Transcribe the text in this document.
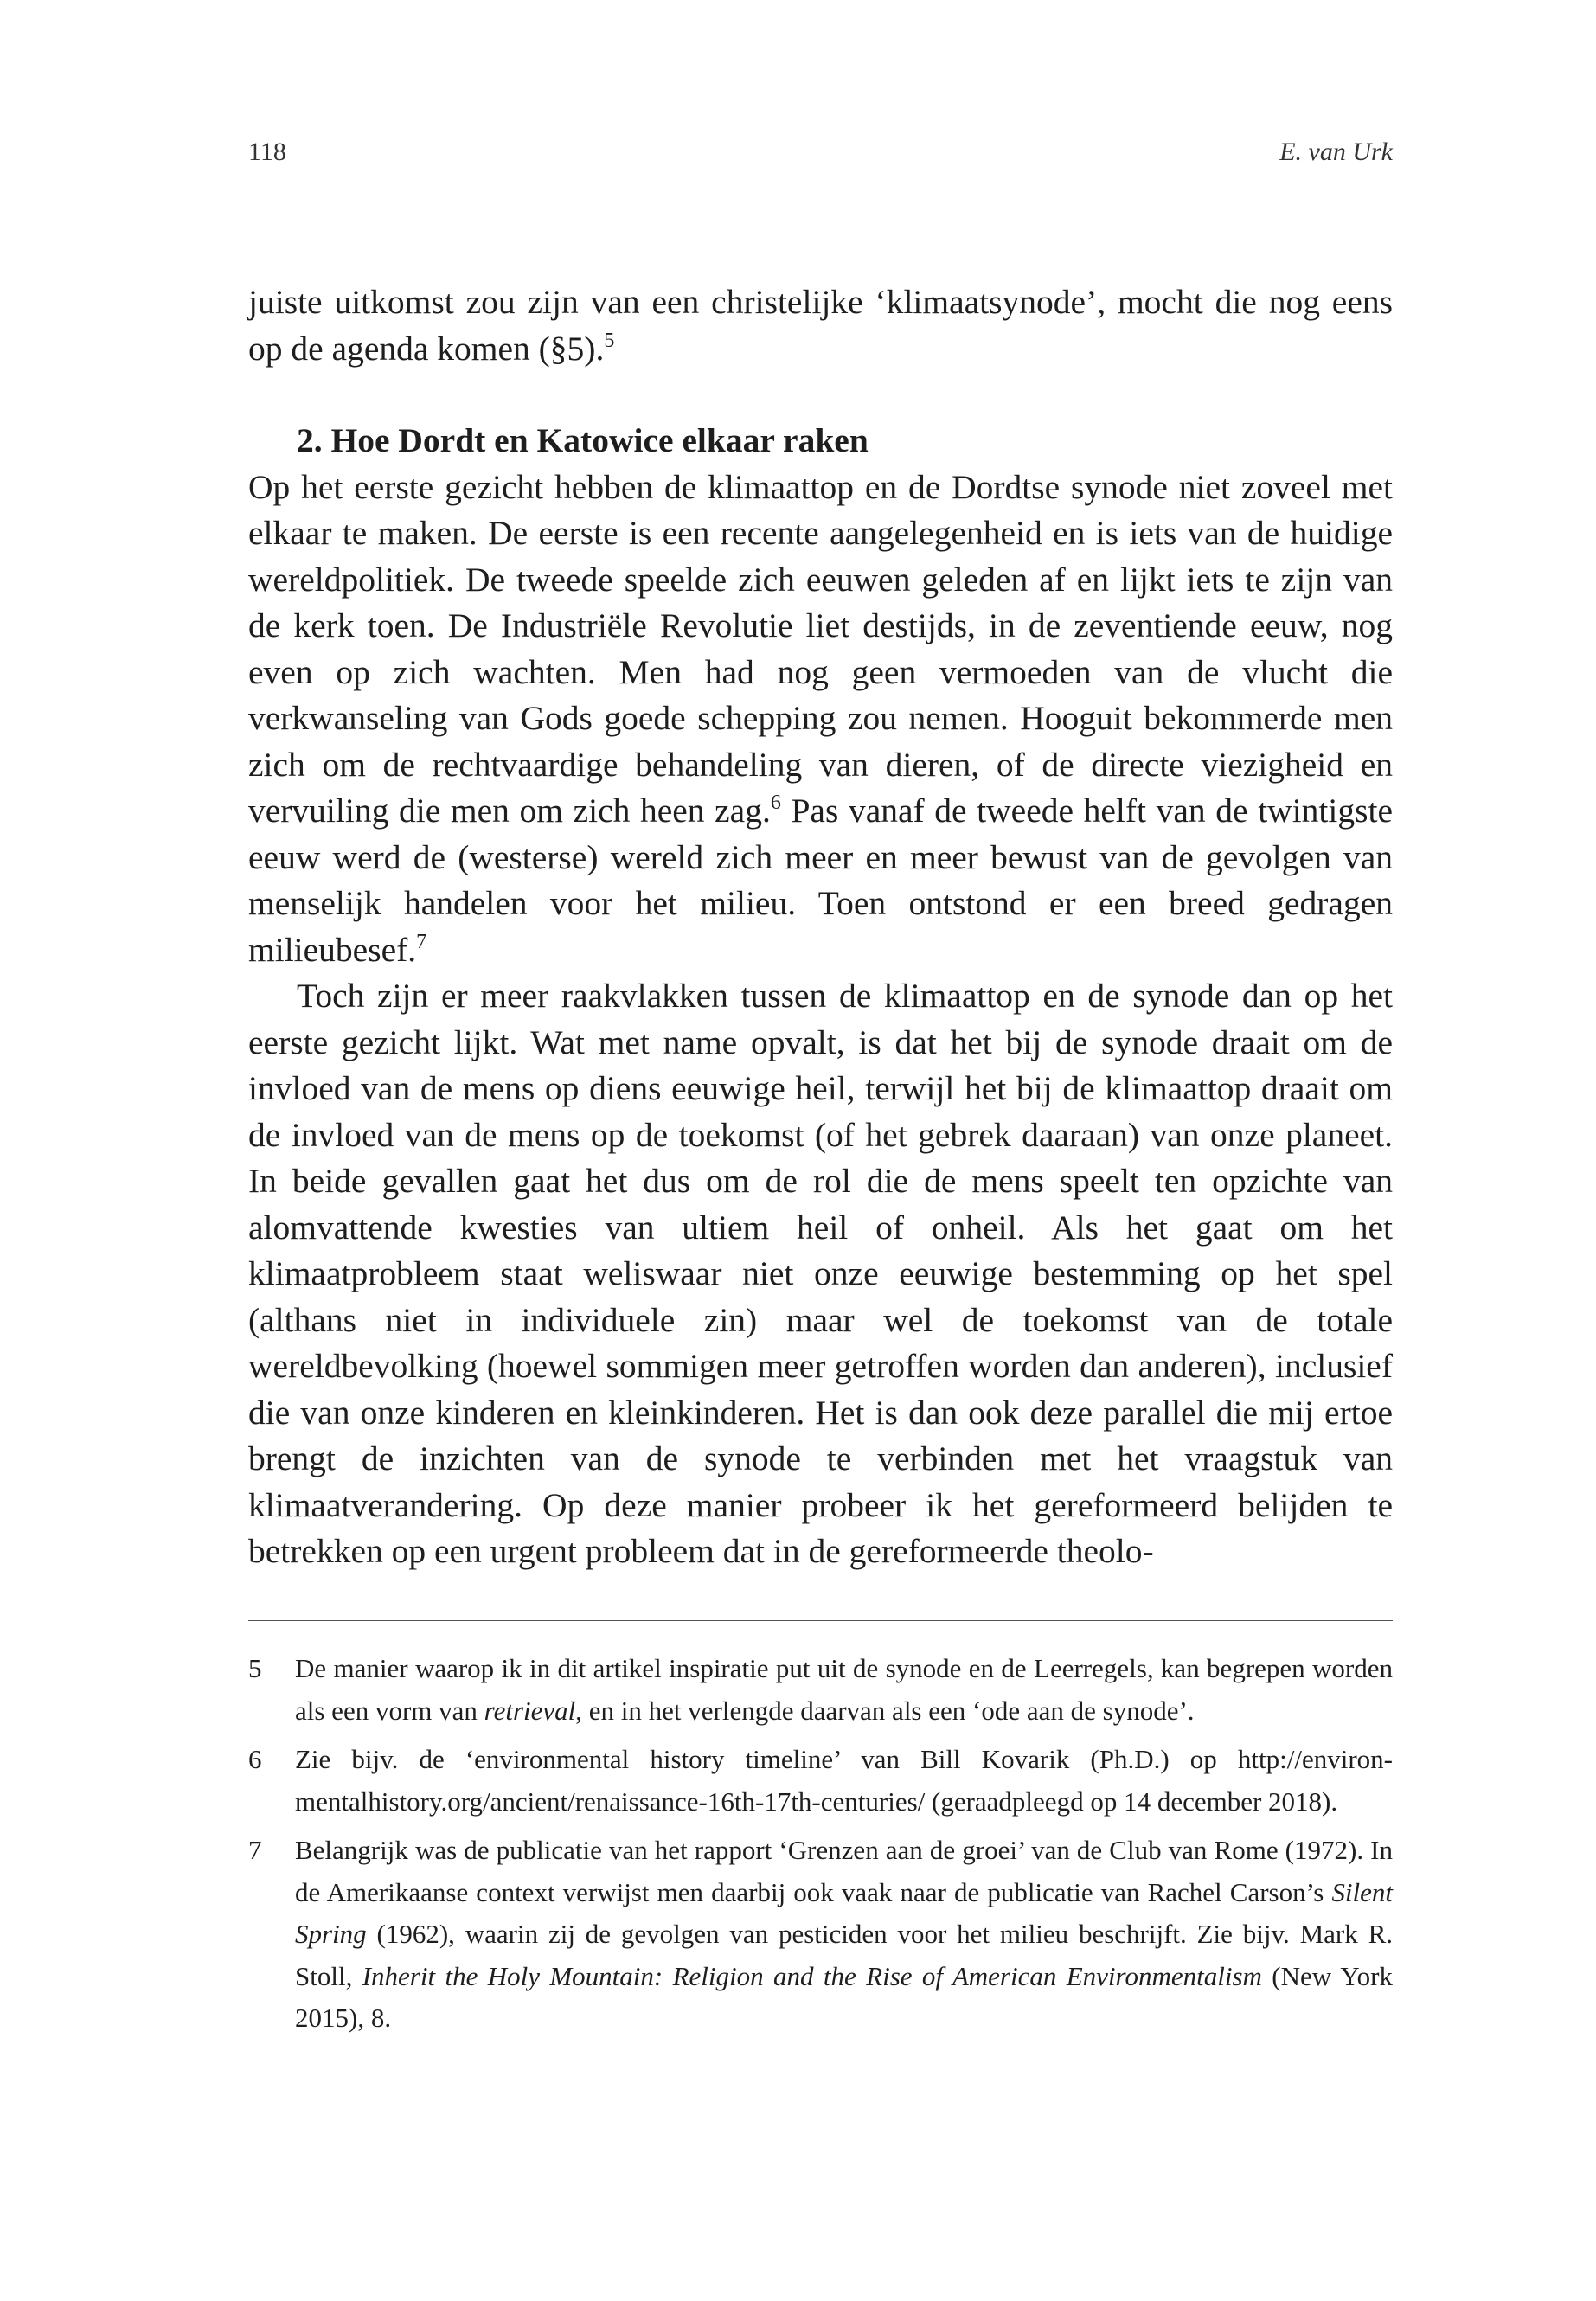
118	E. van Urk

juiste uitkomst zou zijn van een christelijke ‘klimaatsynode’, mocht die nog eens op de agenda komen (§5).$^5$

2. Hoe Dordt en Katowice elkaar raken

Op het eerste gezicht hebben de klimaattop en de Dordtse synode niet zoveel met elkaar te maken. De eerste is een recente aangelegenheid en is iets van de huidige wereldpolitiek. De tweede speelde zich eeuwen geleden af en lijkt iets te zijn van de kerk toen. De Industriële Revolutie liet destijds, in de zeventiende eeuw, nog even op zich wachten. Men had nog geen vermoeden van de vlucht die verkwanseling van Gods goede schepping zou nemen. Hooguit bekommerde men zich om de rechtvaardige behandeling van dieren, of de directe viezigheid en vervuiling die men om zich heen zag.$^6$ Pas vanaf de tweede helft van de twintigste eeuw werd de (westerse) wereld zich meer en meer bewust van de gevolgen van menselijk handelen voor het milieu. Toen ontstond er een breed gedragen milieubesef.$^7$

Toch zijn er meer raakvlakken tussen de klimaattop en de synode dan op het eerste gezicht lijkt. Wat met name opvalt, is dat het bij de synode draait om de invloed van de mens op diens eeuwige heil, terwijl het bij de klimaattop draait om de invloed van de mens op de toekomst (of het gebrek daaraan) van onze planeet. In beide gevallen gaat het dus om de rol die de mens speelt ten opzichte van alomvattende kwesties van ultiem heil of onheil. Als het gaat om het klimaatprobleem staat weliswaar niet onze eeuwige bestemming op het spel (althans niet in individuele zin) maar wel de toekomst van de totale wereldbevolking (hoewel sommigen meer getroffen worden dan anderen), inclusief die van onze kinderen en kleinkinderen. Het is dan ook deze parallel die mij ertoe brengt de inzichten van de synode te verbinden met het vraagstuk van klimaatverandering. Op deze manier probeer ik het gereformeerd belijden te betrekken op een urgent probleem dat in de gereformeerde theolo-

5	De manier waarop ik in dit artikel inspiratie put uit de synode en de Leerregels, kan begrepen worden als een vorm van retrieval, en in het verlengde daarvan als een ‘ode aan de synode’.
6	Zie bijv. de ‘environmental history timeline’ van Bill Kovarik (Ph.D.) op http://environmentalhistory.org/ancient/renaissance-16th-17th-centuries/ (geraadpleegd op 14 december 2018).
7	Belangrijk was de publicatie van het rapport ‘Grenzen aan de groei’ van de Club van Rome (1972). In de Amerikaanse context verwijst men daarbij ook vaak naar de publicatie van Rachel Carson’s Silent Spring (1962), waarin zij de gevolgen van pesticiden voor het milieu beschrijft. Zie bijv. Mark R. Stoll, Inherit the Holy Mountain: Religion and the Rise of American Environmentalism (New York 2015), 8.
